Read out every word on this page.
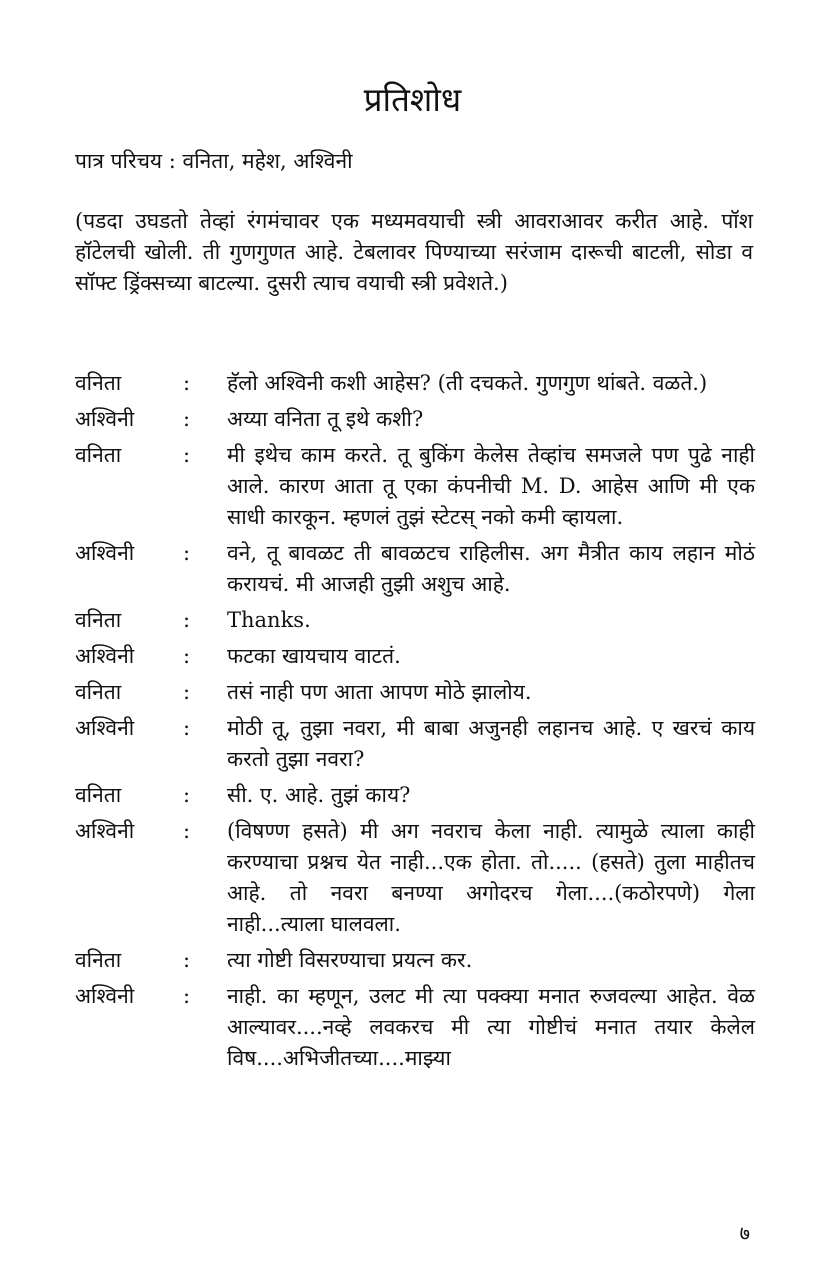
प्रतिशोध
पात्र परिचय : वनिता, महेश, अश्विनी
(पडदा उघडतो तेव्हां रंगमंचावर एक मध्यमवयाची स्त्री आवराआवर करीत आहे. पॉश हॉटेलची खोली. ती गुणगुणत आहे. टेबलावर पिण्याच्या सरंजाम दारूची बाटली, सोडा व सॉफ्ट ड्रिंक्सच्या बाटल्या. दुसरी त्याच वयाची स्त्री प्रवेशते.)
वनिता	:	हॅलो अश्विनी कशी आहेस? (ती दचकते. गुणगुण थांबते. वळते.)
अश्विनी	:	अय्या वनिता तू इथे कशी?
वनिता	:	मी इथेच काम करते. तू बुकिंग केलेस तेव्हांच समजले पण पुढे नाही आले. कारण आता तू एका कंपनीची M. D. आहेस आणि मी एक साधी कारकून. म्हणलं तुझं स्टेटस् नको कमी व्हायला.
अश्विनी	:	वने, तू बावळट ती बावळटच राहिलीस. अग मैत्रीत काय लहान मोठं करायचं. मी आजही तुझी अशुच आहे.
वनिता	:	Thanks.
अश्विनी	:	फटका खायचाय वाटतं.
वनिता	:	तसं नाही पण आता आपण मोठे झालोय.
अश्विनी	:	मोठी तू, तुझा नवरा, मी बाबा अजुनही लहानच आहे. ए खरचं काय करतो तुझा नवरा?
वनिता	:	सी. ए. आहे. तुझं काय?
अश्विनी	:	(विषण्ण हसते) मी अग नवराच केला नाही. त्यामुळे त्याला काही करण्याचा प्रश्नच येत नाही...एक होता. तो..... (हसते) तुला माहीतच आहे. तो नवरा बनण्या अगोदरच गेला....(कठोरपणे) गेला नाही...त्याला घालवला.
वनिता	:	त्या गोष्टी विसरण्याचा प्रयत्न कर.
अश्विनी	:	नाही. का म्हणून, उलट मी त्या पक्क्या मनात रुजवल्या आहेत. वेळ आल्यावर....नव्हे लवकरच मी त्या गोष्टीचं मनात तयार केलेल विष....अभिजीतच्या....माझ्या
७
